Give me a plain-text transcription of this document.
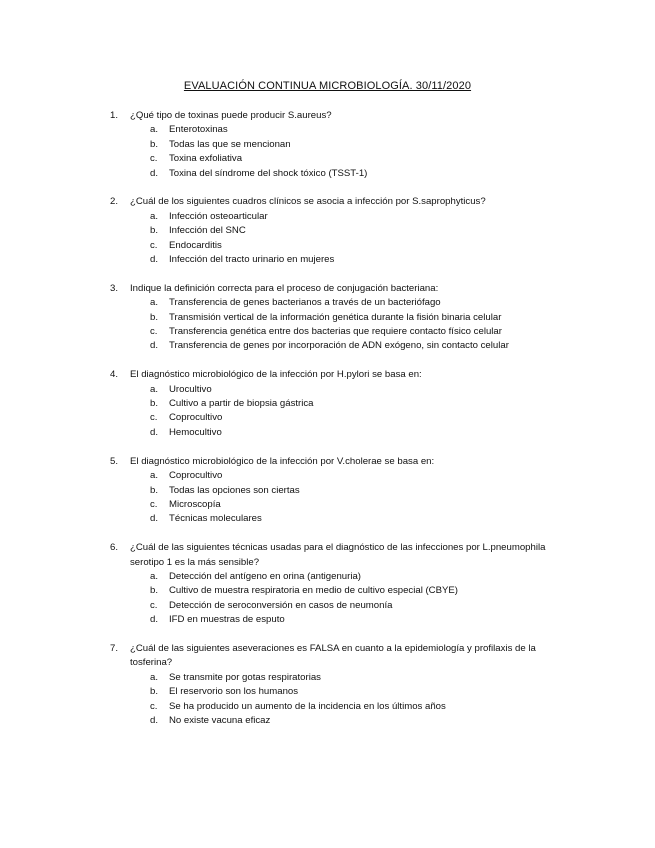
EVALUACIÓN CONTINUA MICROBIOLOGÍA. 30/11/2020
1.	¿Qué tipo de toxinas puede producir S.aureus?
a.	Enterotoxinas
b.	Todas las que se mencionan
c.	Toxina exfoliativa
d.	Toxina del síndrome del shock tóxico (TSST-1)
2.	¿Cuál de los siguientes cuadros clínicos se asocia a infección por S.saprophyticus?
a.	Infección osteoarticular
b.	Infección del SNC
c.	Endocarditis
d.	Infección del tracto urinario en mujeres
3.	Indique la definición correcta para el proceso de conjugación bacteriana:
a.	Transferencia de genes bacterianos a través de un bacteriófago
b.	Transmisión vertical de la información genética durante la fisión binaria celular
c.	Transferencia genética entre dos bacterias que requiere contacto físico celular
d.	Transferencia de genes por incorporación de ADN exógeno, sin contacto celular
4.	El diagnóstico microbiológico de la infección por H.pylori se basa en:
a.	Urocultivo
b.	Cultivo a partir de biopsia gástrica
c.	Coprocultivo
d.	Hemocultivo
5.	El diagnóstico microbiológico de la infección por V.cholerae se basa en:
a.	Coprocultivo
b.	Todas las opciones son ciertas
c.	Microscopía
d.	Técnicas moleculares
6.	¿Cuál de las siguientes técnicas usadas para el diagnóstico de las infecciones por L.pneumophila serotipo 1 es la más sensible?
a.	Detección del antígeno en orina (antigenuria)
b.	Cultivo de muestra respiratoria en medio de cultivo especial (CBYE)
c.	Detección de seroconversión en casos de neumonía
d.	IFD en muestras de esputo
7.	¿Cuál de las siguientes aseveraciones es FALSA en cuanto a la epidemiología y profilaxis de la tosferina?
a.	Se transmite por gotas respiratorias
b.	El reservorio son los humanos
c.	Se ha producido un aumento de la incidencia en los últimos años
d.	No existe vacuna eficaz
